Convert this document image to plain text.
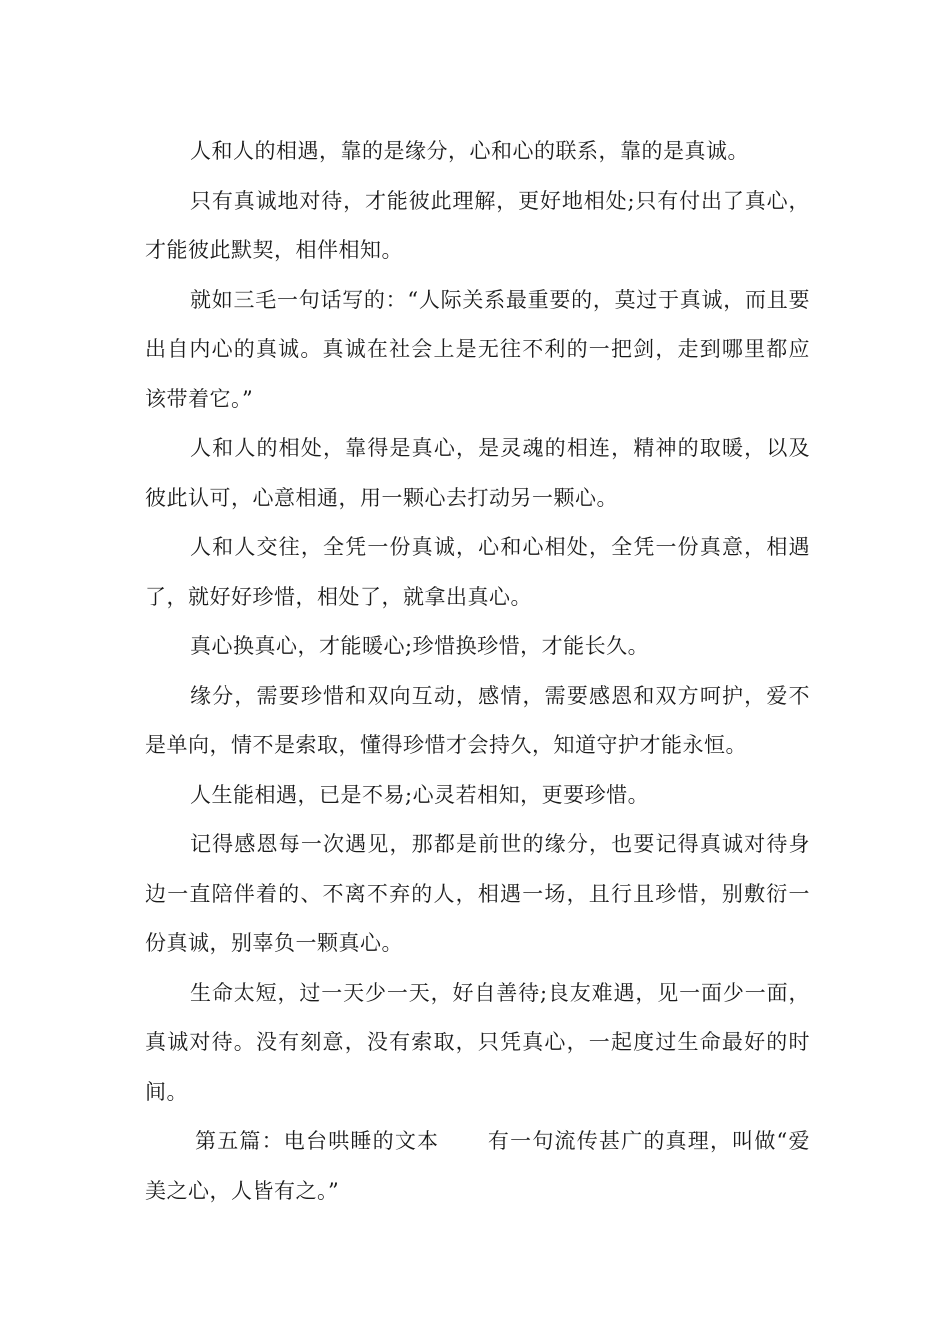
人和人的相遇，靠的是缘分，心和心的联系，靠的是真诚。

只有真诚地对待，才能彼此理解，更好地相处;只有付出了真心，才能彼此默契，相伴相知。

就如三毛一句话写的：“人际关系最重要的，莫过于真诚，而且要出自内心的真诚。真诚在社会上是无往不利的一把剑，走到哪里都应该带着它。”

人和人的相处，靠得是真心，是灵魂的相连，精神的取暖，以及彼此认可，心意相通，用一颗心去打动另一颗心。

人和人交往，全凭一份真诚，心和心相处，全凭一份真意，相遇了，就好好珍惜，相处了，就拿出真心。

真心换真心，才能暖心;珍惜换珍惜，才能长久。

缘分，需要珍惜和双向互动，感情，需要感恩和双方呵护，爱不是单向，情不是索取，懂得珍惜才会持久，知道守护才能永恒。

人生能相遇，已是不易;心灵若相知，更要珍惜。

记得感恩每一次遇见，那都是前世的缘分，也要记得真诚对待身边一直陪伴着的、不离不弃的人，相遇一场，且行且珍惜，别敷衍一份真诚，别辜负一颗真心。

生命太短，过一天少一天，好自善待;良友难遇，见一面少一面，真诚对待。没有刻意，没有索取，只凭真心，一起度过生命最好的时间。

第五篇：电台哄睡的文本 有一句流传甚广的真理，叫做“爱美之心，人皆有之。”
